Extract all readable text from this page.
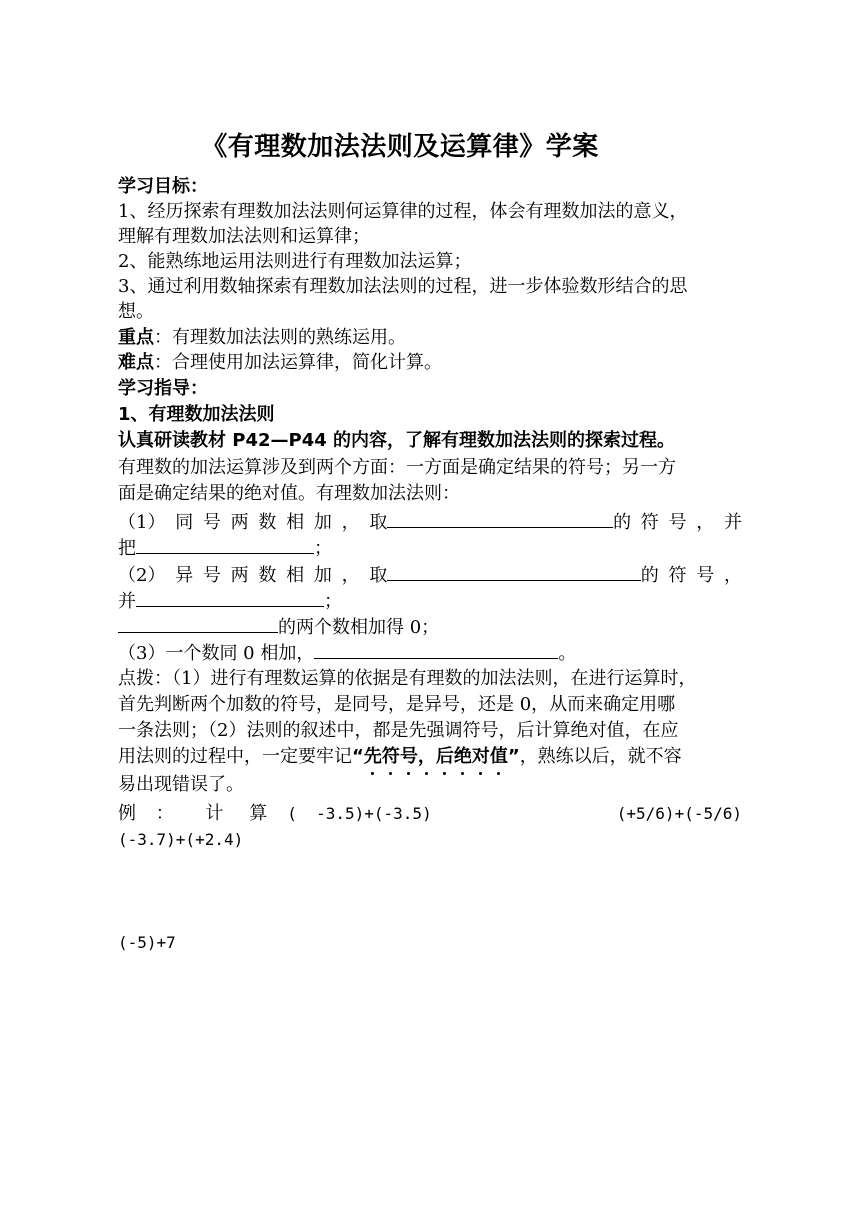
《有理数加法法则及运算律》学案
学习目标：
1、经历探索有理数加法法则何运算律的过程，体会有理数加法的意义，
理解有理数加法法则和运算律；
2、能熟练地运用法则进行有理数加法运算；
3、通过利用数轴探索有理数加法法则的过程，进一步体验数形结合的思
想。
重点：有理数加法法则的熟练运用。
难点：合理使用加法运算律，简化计算。
学习指导：
1、有理数加法法则
认真研读教材 P42—P44 的内容，了解有理数加法法则的探索过程。
有理数的加法运算涉及到两个方面：一方面是确定结果的符号；另一方
面是确定结果的绝对值。有理数加法法则：
（1） 同 号 两 数 相 加 ， 取	的 符 号 ， 并
把	；
（2） 异 号 两 数 相 加 ， 取	的 符 号 ，
并	；
的两个数相加得 0；
（3）一个数同 0 相加，	。
点拨：（1）进行有理数运算的依据是有理数的加法法则，在进行运算时，
首先判断两个加数的符号，是同号，是异号，还是 0，从而来确定用哪
一条法则；（2）法则的叙述中，都是先强调符号，后计算绝对值，在应
用法则的过程中，一定要牢记“先符号，后绝对值”，熟练以后，就不容
易出现错误了。
例 ： 计 算 (  -3.5)+(-3.5)	(+5/6)+(-5/6)
(-3.7)+(+2.4)
(-5)+7
